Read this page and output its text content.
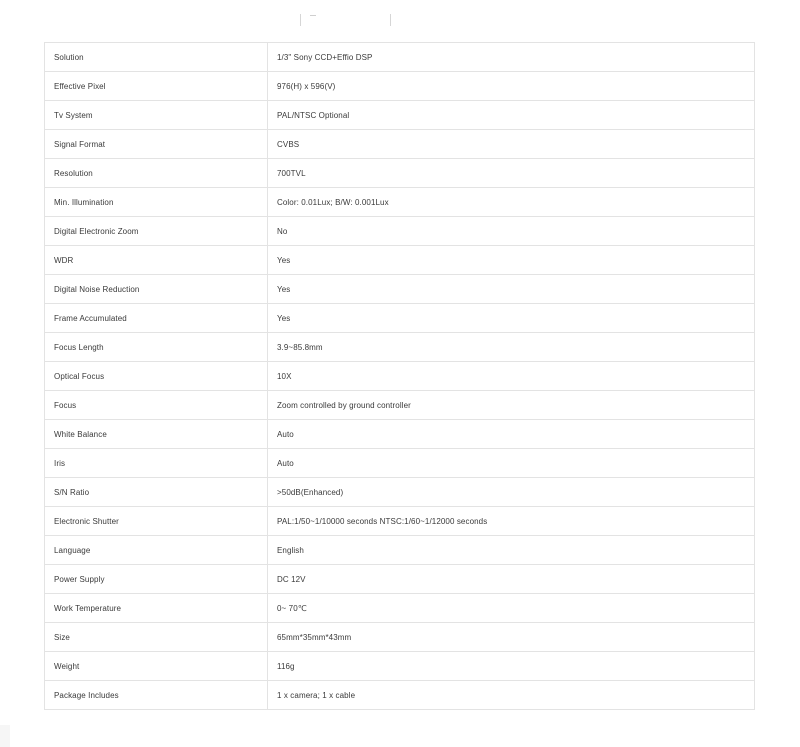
Solution	1/3" Sony CCD+Effio DSP
Effective Pixel	976(H) x 596(V)
Tv System	PAL/NTSC Optional
Signal Format	CVBS
Resolution	700TVL
Min. Illumination	Color: 0.01Lux; B/W: 0.001Lux
Digital Electronic Zoom	No
WDR	Yes
Digital Noise Reduction	Yes
Frame Accumulated	Yes
Focus Length	3.9~85.8mm
Optical Focus	10X
Focus	Zoom controlled by ground controller
White Balance	Auto
Iris	Auto
S/N Ratio	>50dB(Enhanced)
Electronic Shutter	PAL:1/50~1/10000 seconds NTSC:1/60~1/12000 seconds
Language	English
Power Supply	DC 12V
Work Temperature	0~ 70℃
Size	65mm*35mm*43mm
Weight	116g
Package Includes	1 x camera; 1 x cable
